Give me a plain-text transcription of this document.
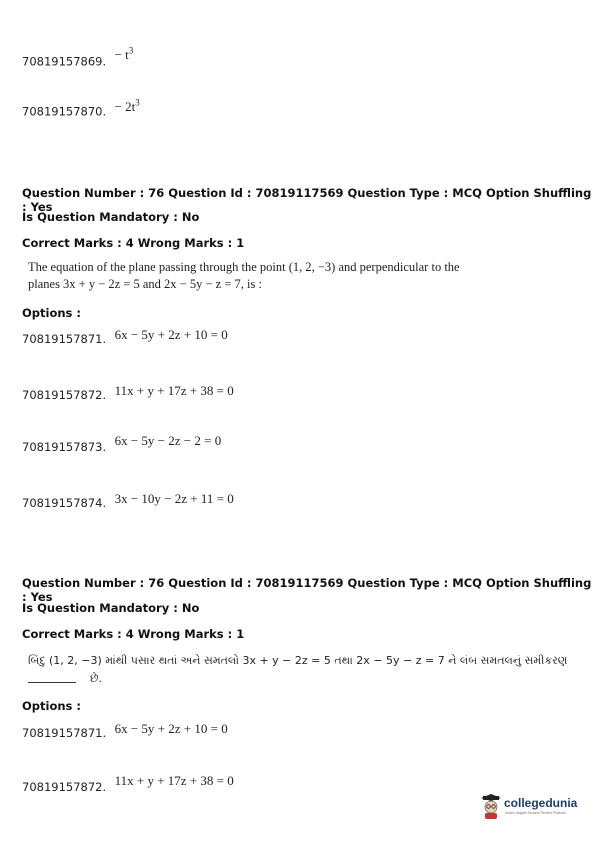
70819157869. $^{- t^3}$
70819157870. $^{- 2t^3}$
Question Number : 76 Question Id : 70819117569 Question Type : MCQ Option Shuffling : Yes
Is Question Mandatory : No
Correct Marks : 4 Wrong Marks : 1
The equation of the plane passing through the point (1, 2, −3) and perpendicular to the
planes 3x + y − 2z = 5 and 2x − 5y − z = 7, is :
Options :
70819157871. $^{6x - 5y + 2z + 10 = 0}$
70819157872. $^{11x + y + 17z + 38 = 0}$
70819157873. $^{6x - 5y - 2z - 2 = 0}$
70819157874. $^{3x - 10y - 2z + 11 = 0}$
Question Number : 76 Question Id : 70819117569 Question Type : MCQ Option Shuffling : Yes
Is Question Mandatory : No
Correct Marks : 4 Wrong Marks : 1
બિંદુ (1, 2, −3) માંથી પસાર થતાં અને સમતલો 3x + y − 2z = 5 તથા 2x − 5y − z = 7 ને લંબ સમતલનું સમીકરણ
છે.
Options :
70819157871. $^{6x - 5y + 2z + 10 = 0}$
70819157872. $^{11x + y + 17z + 38 = 0}$
collegedunia
India's largest Student Review Platform
